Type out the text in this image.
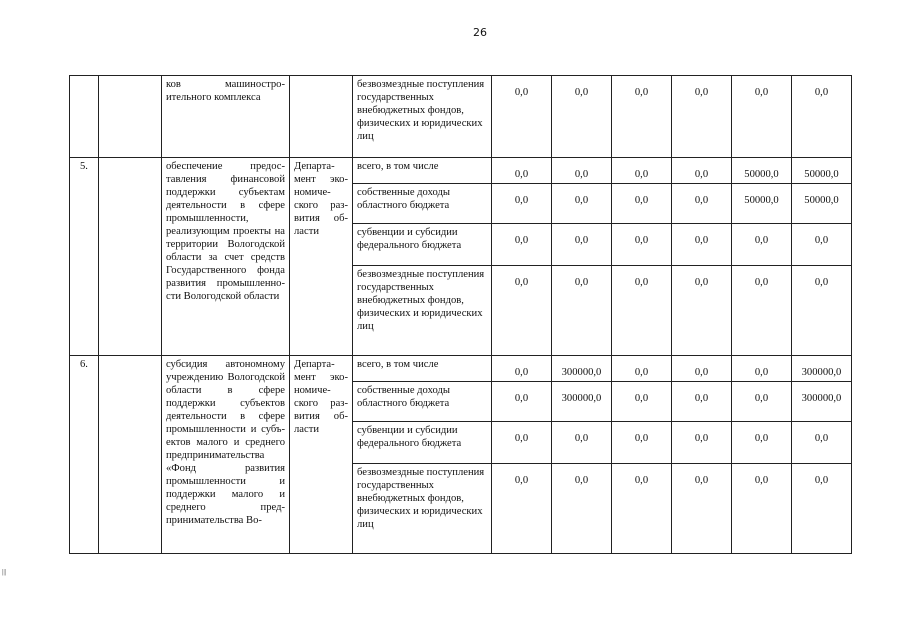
26
|||
		ков машиностроительного комплекса		безвозмездные поступления государственных внебюджетных фондов, физических и юридических лиц	0,0	0,0	0,0	0,0	0,0	0,0
5.		обеспечение предоставления финансовой поддержки субъектам деятельности в сфере промышленности, реализующим проекты на территории Вологодской области за счет средств Государственного фонда развития промышленности Вологодской области	Департамент экономического развития области	всего, в том числе	0,0	0,0	0,0	0,0	50000,0	50000,0
				собственные доходы областного бюджета	0,0	0,0	0,0	0,0	50000,0	50000,0
				субвенции и субсидии федерального бюджета	0,0	0,0	0,0	0,0	0,0	0,0
				безвозмездные поступления государственных внебюджетных фондов, физических и юридических лиц	0,0	0,0	0,0	0,0	0,0	0,0
6.		субсидия автономному учреждению Вологодской области в сфере поддержки субъектов деятельности в сфере промышленности и субъектов малого и среднего предпринимательства «Фонд развития промышленности и поддержки малого и среднего предпринимательства Во-	Департамент экономического развития области	всего, в том числе	0,0	300000,0	0,0	0,0	0,0	300000,0
				собственные доходы областного бюджета	0,0	300000,0	0,0	0,0	0,0	300000,0
				субвенции и субсидии федерального бюджета	0,0	0,0	0,0	0,0	0,0	0,0
				безвозмездные поступления государственных внебюджетных фондов, физических и юридических лиц	0,0	0,0	0,0	0,0	0,0	0,0
